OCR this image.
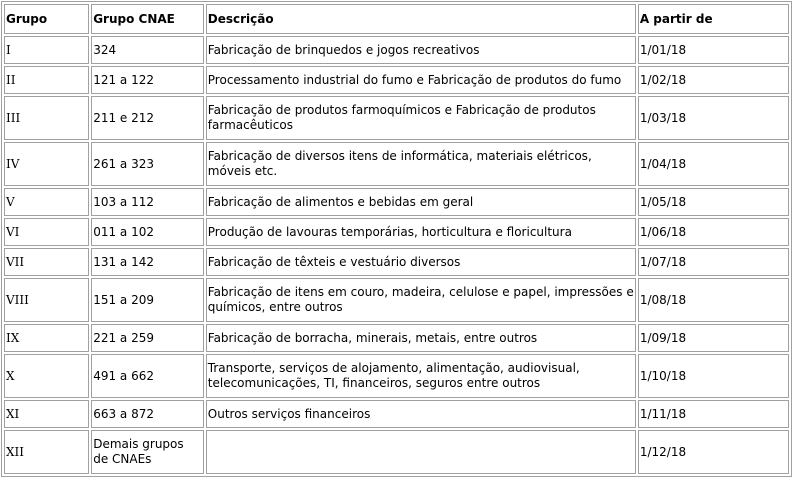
Grupo	Grupo CNAE	Descrição	A partir de
I	324	Fabricação de brinquedos e jogos recreativos	1/01/18
II	121 a 122	Processamento industrial do fumo e Fabricação de produtos do fumo	1/02/18
III	211 e 212	Fabricação de produtos farmoquímicos e Fabricação de produtos farmacêuticos	1/03/18
IV	261 a 323	Fabricação de diversos itens de informática, materiais elétricos, móveis etc.	1/04/18
V	103 a 112	Fabricação de alimentos e bebidas em geral	1/05/18
VI	011 a 102	Produção de lavouras temporárias, horticultura e floricultura	1/06/18
VII	131 a 142	Fabricação de têxteis e vestuário diversos	1/07/18
VIII	151 a 209	Fabricação de itens em couro, madeira, celulose e papel, impressões e químicos, entre outros	1/08/18
IX	221 a 259	Fabricação de borracha, minerais, metais, entre outros	1/09/18
X	491 a 662	Transporte, serviços de alojamento, alimentação, audiovisual, telecomunicações, TI, financeiros, seguros entre outros	1/10/18
XI	663 a 872	Outros serviços financeiros	1/11/18
XII	Demais grupos de CNAEs		1/12/18
